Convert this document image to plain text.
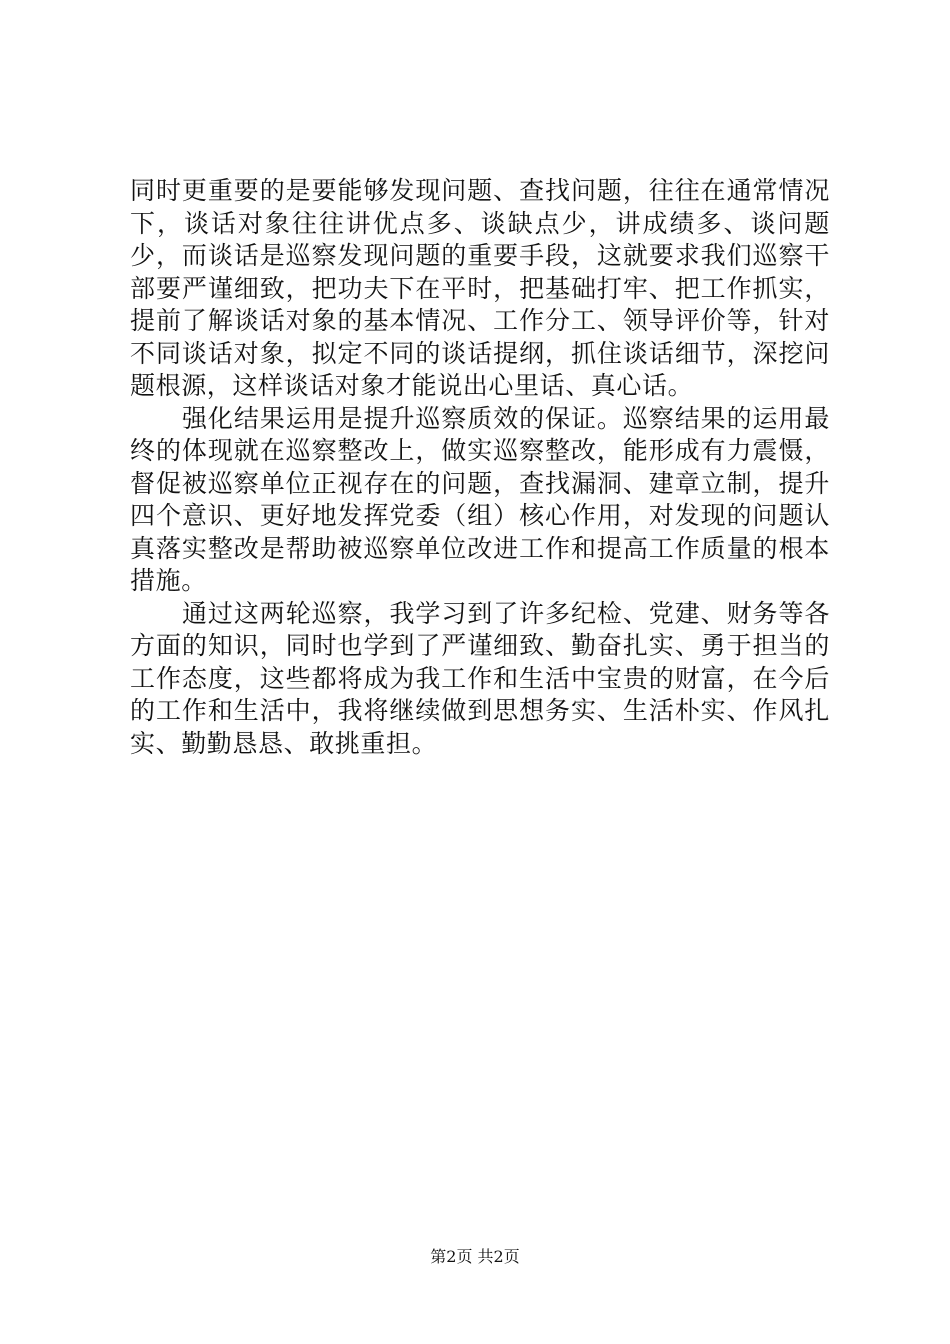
同时更重要的是要能够发现问题、查找问题，往往在通常情况下，谈话对象往往讲优点多、谈缺点少，讲成绩多、谈问题少，而谈话是巡察发现问题的重要手段，这就要求我们巡察干部要严谨细致，把功夫下在平时，把基础打牢、把工作抓实，提前了解谈话对象的基本情况、工作分工、领导评价等，针对不同谈话对象，拟定不同的谈话提纲，抓住谈话细节，深挖问题根源，这样谈话对象才能说出心里话、真心话。

强化结果运用是提升巡察质效的保证。巡察结果的运用最终的体现就在巡察整改上，做实巡察整改，能形成有力震慑，督促被巡察单位正视存在的问题，查找漏洞、建章立制，提升四个意识、更好地发挥党委（组）核心作用，对发现的问题认真落实整改是帮助被巡察单位改进工作和提高工作质量的根本措施。

通过这两轮巡察，我学习到了许多纪检、党建、财务等各方面的知识，同时也学到了严谨细致、勤奋扎实、勇于担当的工作态度，这些都将成为我工作和生活中宝贵的财富，在今后的工作和生活中，我将继续做到思想务实、生活朴实、作风扎实、勤勤恳恳、敢挑重担。

第2页 共2页
